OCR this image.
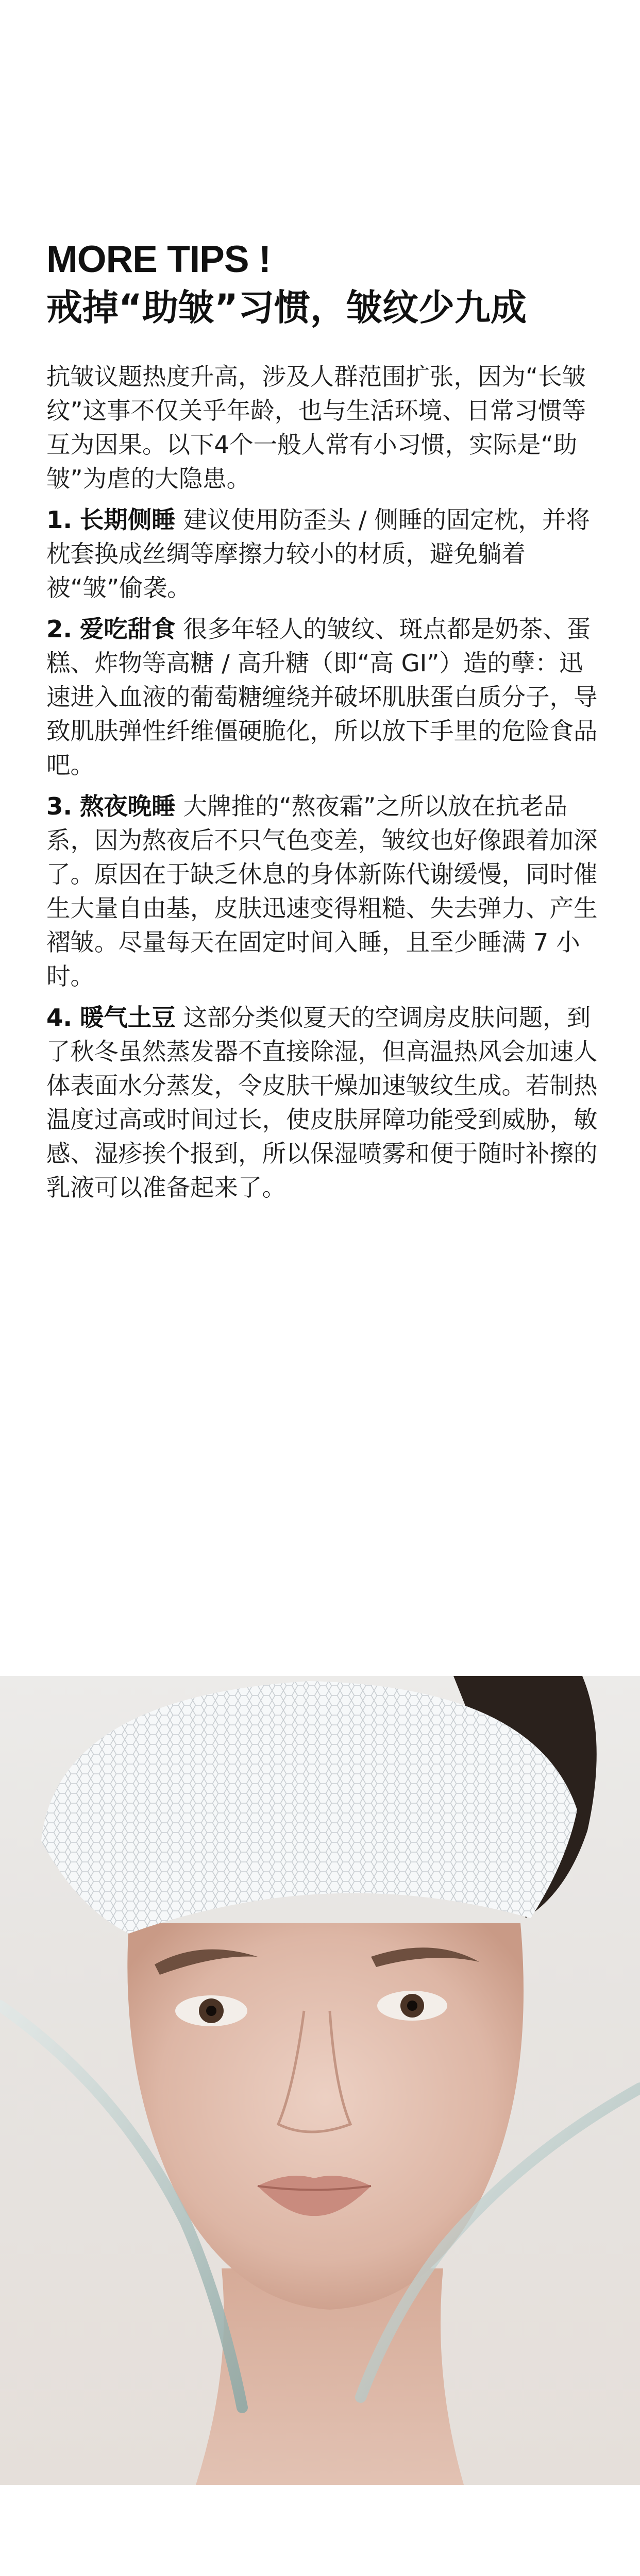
MORE TIPS !
戒掉“助皱”习惯，皱纹少九成

抗皱议题热度升高，涉及人群范围扩张，因为“长皱纹”这事不仅关乎年龄，也与生活环境、日常习惯等互为因果。以下4个一般人常有小习惯，实际是“助皱”为虐的大隐患。

1. 长期侧睡 建议使用防歪头 / 侧睡的固定枕，并将枕套换成丝绸等摩擦力较小的材质，避免躺着被“皱”偷袭。

2. 爱吃甜食 很多年轻人的皱纹、斑点都是奶茶、蛋糕、炸物等高糖 / 高升糖（即“高 GI”）造的孽：迅速进入血液的葡萄糖缠绕并破坏肌肤蛋白质分子，导致肌肤弹性纤维僵硬脆化，所以放下手里的危险食品吧。

3. 熬夜晚睡 大牌推的“熬夜霜”之所以放在抗老品系，因为熬夜后不只气色变差，皱纹也好像跟着加深了。原因在于缺乏休息的身体新陈代谢缓慢，同时催生大量自由基，皮肤迅速变得粗糙、失去弹力、产生褶皱。尽量每天在固定时间入睡，且至少睡满 7 小时。

4. 暖气土豆 这部分类似夏天的空调房皮肤问题，到了秋冬虽然蒸发器不直接除湿，但高温热风会加速人体表面水分蒸发，令皮肤干燥加速皱纹生成。若制热温度过高或时间过长，使皮肤屏障功能受到威胁，敏感、湿疹挨个报到，所以保湿喷雾和便于随时补擦的乳液可以准备起来了。
